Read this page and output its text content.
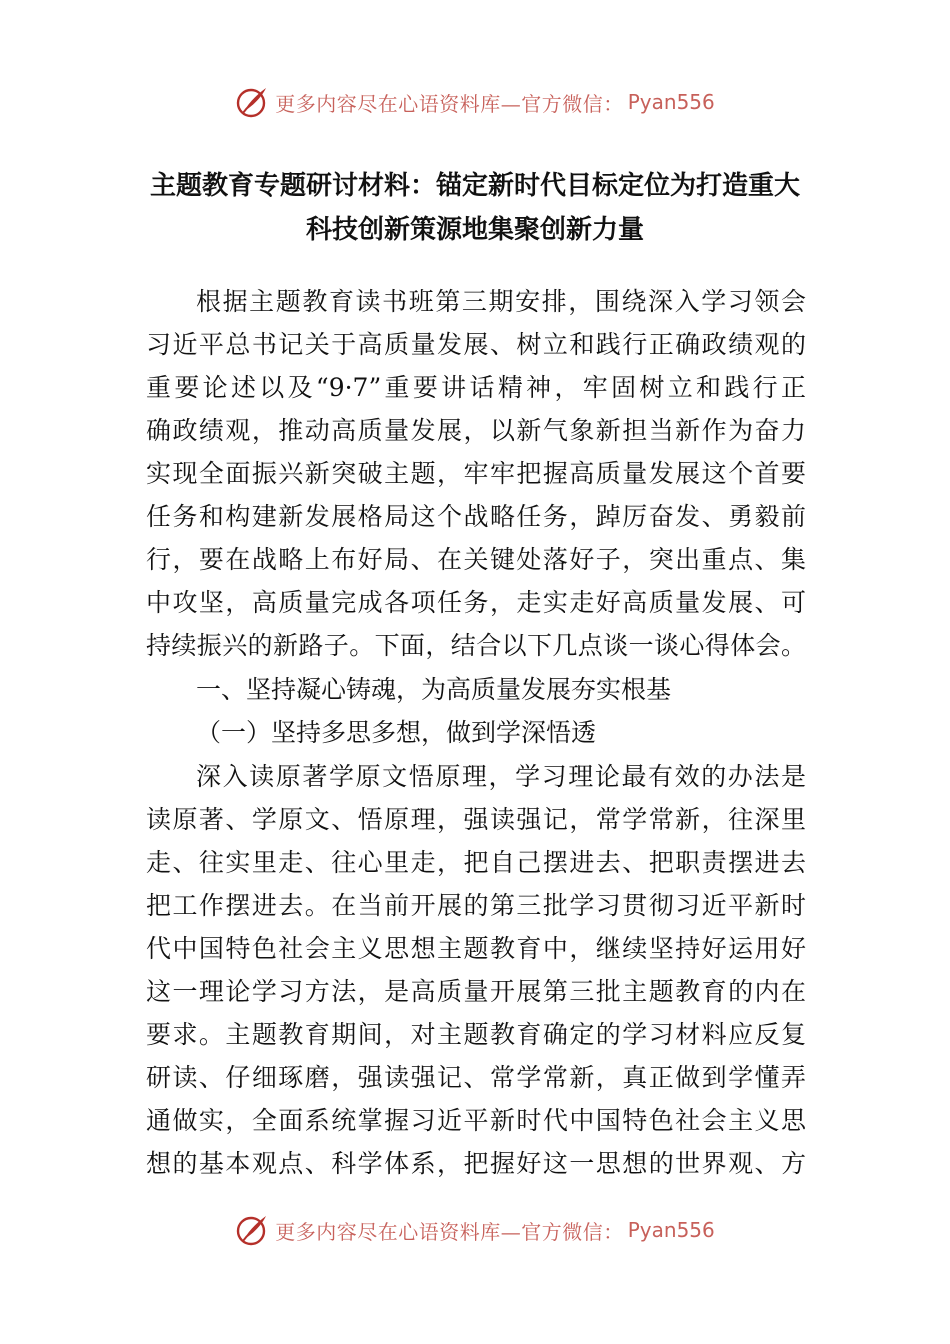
更多内容尽在心语资料库—官方微信： Pyan556
主题教育专题研讨材料：锚定新时代目标定位为打造重大
科技创新策源地集聚创新力量
根据主题教育读书班第三期安排，围绕深入学习领会
习近平总书记关于高质量发展、树立和践行正确政绩观的
重要论述以及“9·7”重要讲话精神，牢固树立和践行正
确政绩观，推动高质量发展，以新气象新担当新作为奋力
实现全面振兴新突破主题，牢牢把握高质量发展这个首要
任务和构建新发展格局这个战略任务，踔厉奋发、勇毅前
行，要在战略上布好局、在关键处落好子，突出重点、集
中攻坚，高质量完成各项任务，走实走好高质量发展、可
持续振兴的新路子。下面，结合以下几点谈一谈心得体会。
一、坚持凝心铸魂，为高质量发展夯实根基
（一）坚持多思多想，做到学深悟透
深入读原著学原文悟原理，学习理论最有效的办法是
读原著、学原文、悟原理，强读强记，常学常新，往深里
走、往实里走、往心里走，把自己摆进去、把职责摆进去
把工作摆进去。在当前开展的第三批学习贯彻习近平新时
代中国特色社会主义思想主题教育中，继续坚持好运用好
这一理论学习方法，是高质量开展第三批主题教育的内在
要求。主题教育期间，对主题教育确定的学习材料应反复
研读、仔细琢磨，强读强记、常学常新，真正做到学懂弄
通做实，全面系统掌握习近平新时代中国特色社会主义思
想的基本观点、科学体系，把握好这一思想的世界观、方
更多内容尽在心语资料库—官方微信： Pyan556
